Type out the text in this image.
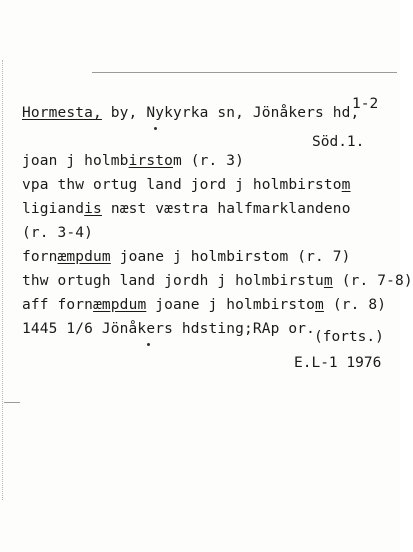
1-2
Hormesta, by, Nykyrka sn, Jönåkers hd,
Söd.1.
joan j holmbirstom (r. 3)
vpa thw ortug land jord j holmbirstom
ligiandis næst væstra halfmarklandeno
(r. 3-4)
fornæmpdum joane j holmbirstom (r. 7)
thw ortugh land jordh j holmbirstum (r. 7-8)
aff fornæmpdum joane j holmbirstom (r. 8)
1445 1/6 Jönåkers hdsting;RAp or.
(forts.)
E.L-1 1976
